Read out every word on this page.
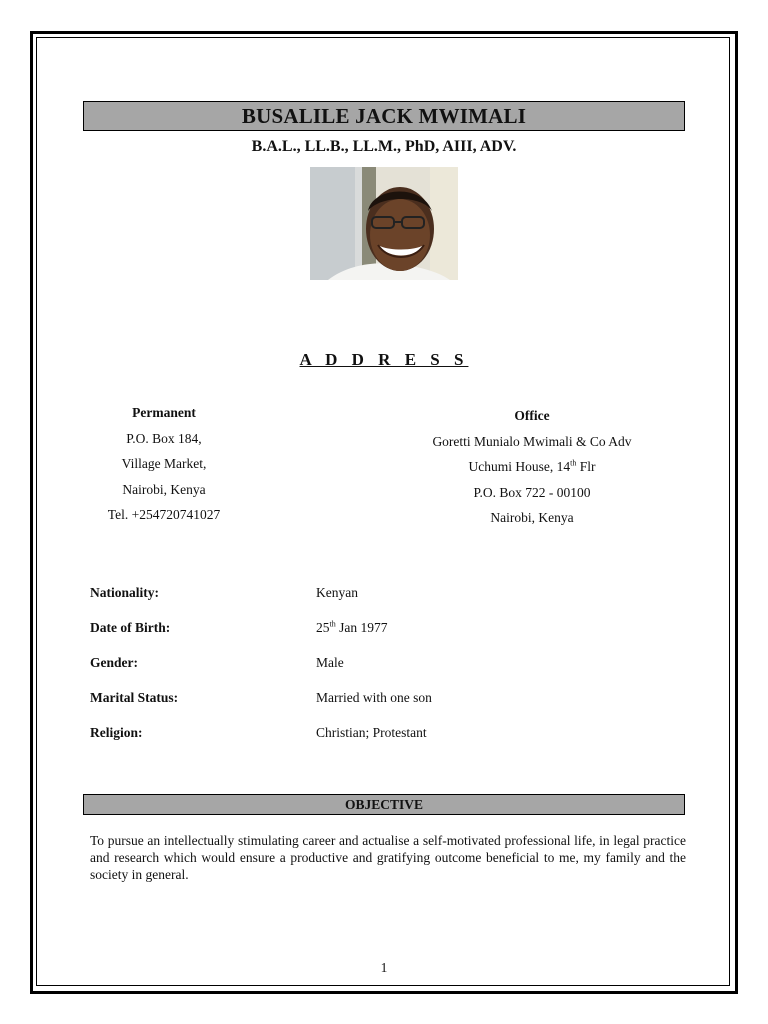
BUSALILE JACK MWIMALI
B.A.L., LL.B., LL.M., PhD, AIII, ADV.
A D D R E S S
Permanent
P.O. Box 184,
Village Market,
Nairobi, Kenya
Tel. +254720741027
Office
Goretti Munialo Mwimali & Co Adv
Uchumi House, 14th Flr
P.O. Box 722 - 00100
Nairobi, Kenya
Nationality:	Kenyan
Date of Birth:	25th Jan 1977
Gender:	Male
Marital Status:	Married with one son
Religion:	Christian; Protestant
OBJECTIVE
To pursue an intellectually stimulating career and actualise a self-motivated professional life, in legal practice and research which would ensure a productive and gratifying outcome beneficial to me, my family and the society in general.
1
